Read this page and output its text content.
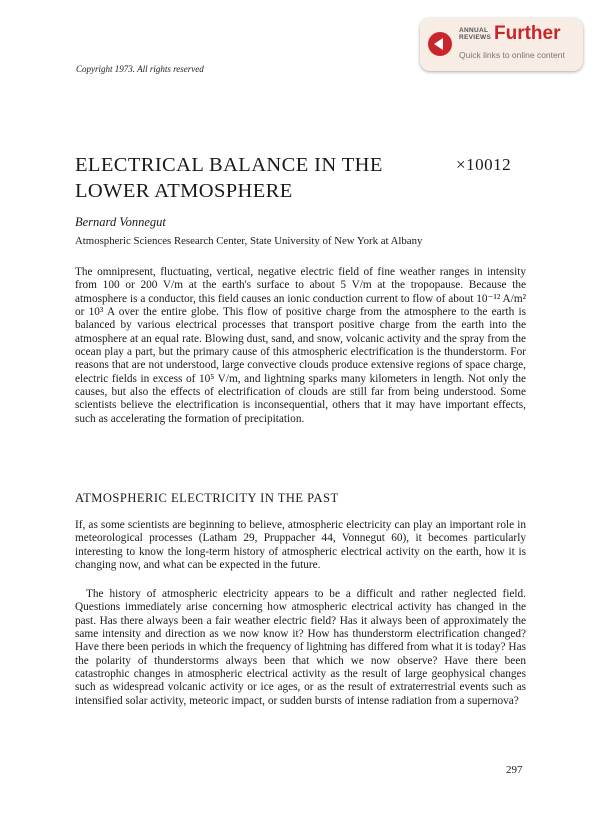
ANNUAL
REVIEWS Further
Quick links to online content
Copyright 1973. All rights reserved
ELECTRICAL BALANCE IN THE
LOWER ATMOSPHERE
×10012
Bernard Vonnegut
Atmospheric Sciences Research Center, State University of New York at Albany

The omnipresent, fluctuating, vertical, negative electric field of fine weather ranges in intensity from 100 or 200 V/m at the earth's surface to about 5 V/m at the tropopause. Because the atmosphere is a conductor, this field causes an ionic conduction current to flow of about 10⁻¹² A/m² or 10³ A over the entire globe. This flow of positive charge from the atmosphere to the earth is balanced by various electrical processes that transport positive charge from the earth into the atmosphere at an equal rate. Blowing dust, sand, and snow, volcanic activity and the spray from the ocean play a part, but the primary cause of this atmospheric electrification is the thunderstorm. For reasons that are not understood, large convective clouds produce extensive regions of space charge, electric fields in excess of 10⁵ V/m, and lightning sparks many kilometers in length. Not only the causes, but also the effects of electrification of clouds are still far from being understood. Some scientists believe the electrification is inconsequential, others that it may have important effects, such as accelerating the formation of precipitation.

ATMOSPHERIC ELECTRICITY IN THE PAST

If, as some scientists are beginning to believe, atmospheric electricity can play an important role in meteorological processes (Latham 29, Pruppacher 44, Vonnegut 60), it becomes particularly interesting to know the long-term history of atmospheric electrical activity on the earth, how it is changing now, and what can be expected in the future.

The history of atmospheric electricity appears to be a difficult and rather neglected field. Questions immediately arise concerning how atmospheric electrical activity has changed in the past. Has there always been a fair weather electric field? Has it always been of approximately the same intensity and direction as we now know it? How has thunderstorm electrification changed? Have there been periods in which the frequency of lightning has differed from what it is today? Has the polarity of thunderstorms always been that which we now observe? Have there been catastrophic changes in atmospheric electrical activity as the result of large geophysical changes such as widespread volcanic activity or ice ages, or as the result of extraterrestrial events such as intensified solar activity, meteoric impact, or sudden bursts of intense radiation from a supernova?

297
